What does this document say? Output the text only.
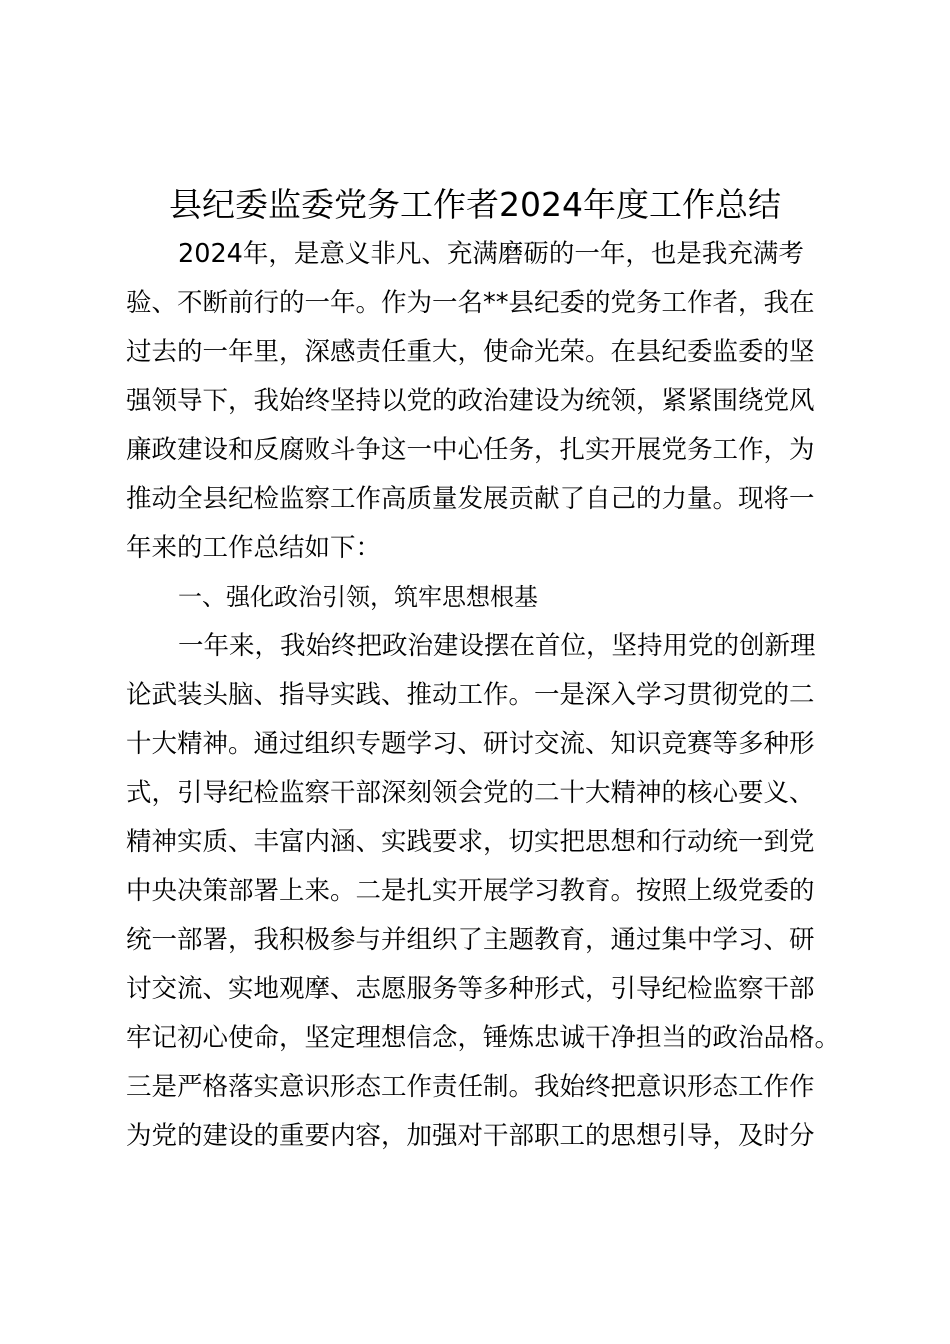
县纪委监委党务工作者2024年度工作总结
2024年，是意义非凡、充满磨砺的一年，也是我充满考
验、不断前行的一年。作为一名**县纪委的党务工作者，我在
过去的一年里，深感责任重大，使命光荣。在县纪委监委的坚
强领导下，我始终坚持以党的政治建设为统领，紧紧围绕党风
廉政建设和反腐败斗争这一中心任务，扎实开展党务工作，为
推动全县纪检监察工作高质量发展贡献了自己的力量。现将一
年来的工作总结如下：
一、强化政治引领，筑牢思想根基
一年来，我始终把政治建设摆在首位，坚持用党的创新理
论武装头脑、指导实践、推动工作。一是深入学习贯彻党的二
十大精神。通过组织专题学习、研讨交流、知识竞赛等多种形
式，引导纪检监察干部深刻领会党的二十大精神的核心要义、
精神实质、丰富内涵、实践要求，切实把思想和行动统一到党
中央决策部署上来。二是扎实开展学习教育。按照上级党委的
统一部署，我积极参与并组织了主题教育，通过集中学习、研
讨交流、实地观摩、志愿服务等多种形式，引导纪检监察干部
牢记初心使命，坚定理想信念，锤炼忠诚干净担当的政治品格。
三是严格落实意识形态工作责任制。我始终把意识形态工作作
为党的建设的重要内容，加强对干部职工的思想引导，及时分
